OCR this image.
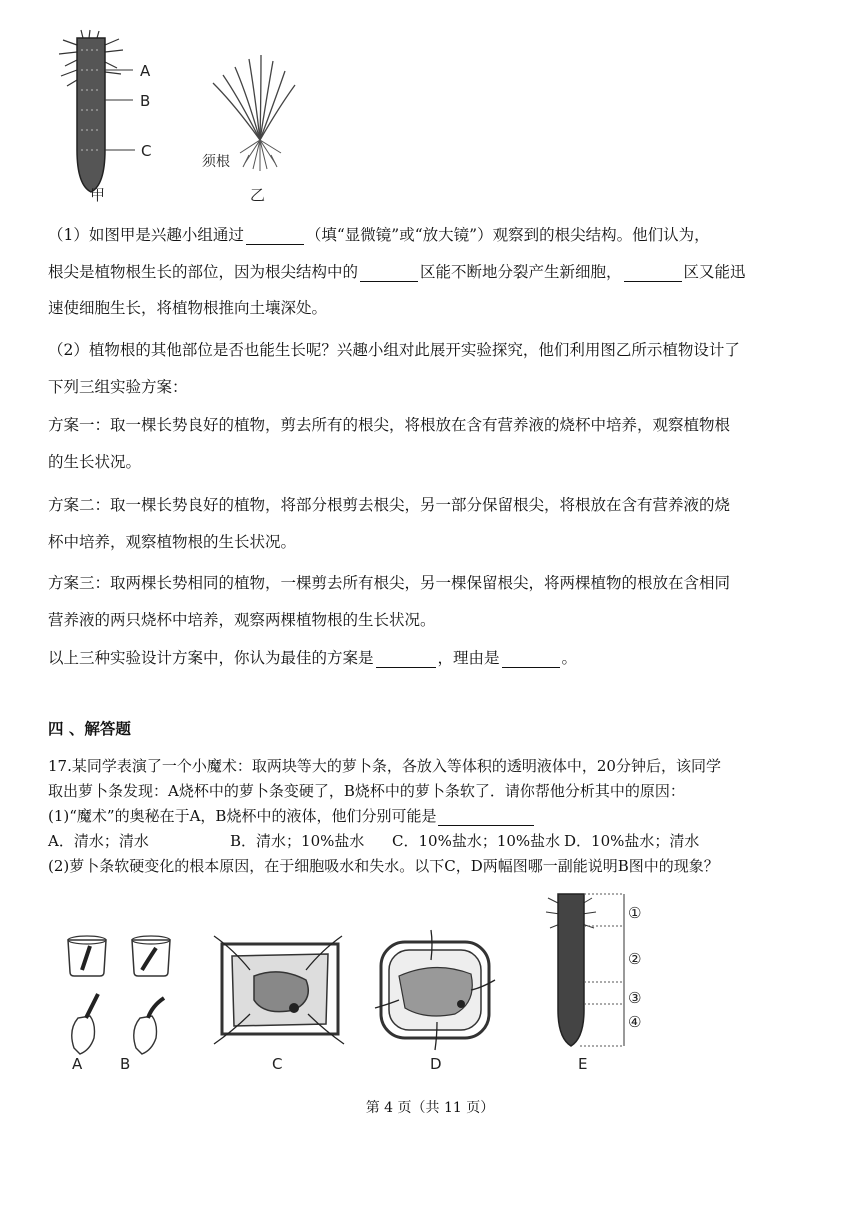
A
B
C
甲
须根
乙
（1）如图甲是兴趣小组通过	（填“显微镜”或“放大镜”）观察到的根尖结构。他们认为，
根尖是植物根生长的部位，因为根尖结构中的	区能不断地分裂产生新细胞，	区又能迅
速使细胞生长，将植物根推向土壤深处。
（2）植物根的其他部位是否也能生长呢？兴趣小组对此展开实验探究，他们利用图乙所示植物设计了
下列三组实验方案：
方案一：取一棵长势良好的植物，剪去所有的根尖，将根放在含有营养液的烧杯中培养，观察植物根
的生长状况。
方案二：取一棵长势良好的植物，将部分根剪去根尖，另一部分保留根尖，将根放在含有营养液的烧
杯中培养，观察植物根的生长状况。
方案三：取两棵长势相同的植物，一棵剪去所有根尖，另一棵保留根尖，将两棵植物的根放在含相同
营养液的两只烧杯中培养，观察两棵植物根的生长状况。
以上三种实验设计方案中，你认为最佳的方案是	，理由是	。
四 、解答题
17.某同学表演了一个小魔术：取两块等大的萝卜条，各放入等体积的透明液体中，20分钟后，该同学
取出萝卜条发现：A烧杯中的萝卜条变硬了，B烧杯中的萝卜条软了．请你帮他分析其中的原因：
(1)“魔术”的奥秘在于A，B烧杯中的液体，他们分别可能是
A．清水；清水	B．清水；10%盐水 C．10%盐水；10%盐水 D．10%盐水；清水
(2)萝卜条软硬变化的根本原因，在于细胞吸水和失水。以下C，D两幅图哪一副能说明B图中的现象？
A	B	C	D
①
②
③
④
E
第 4 页（共 11 页）
